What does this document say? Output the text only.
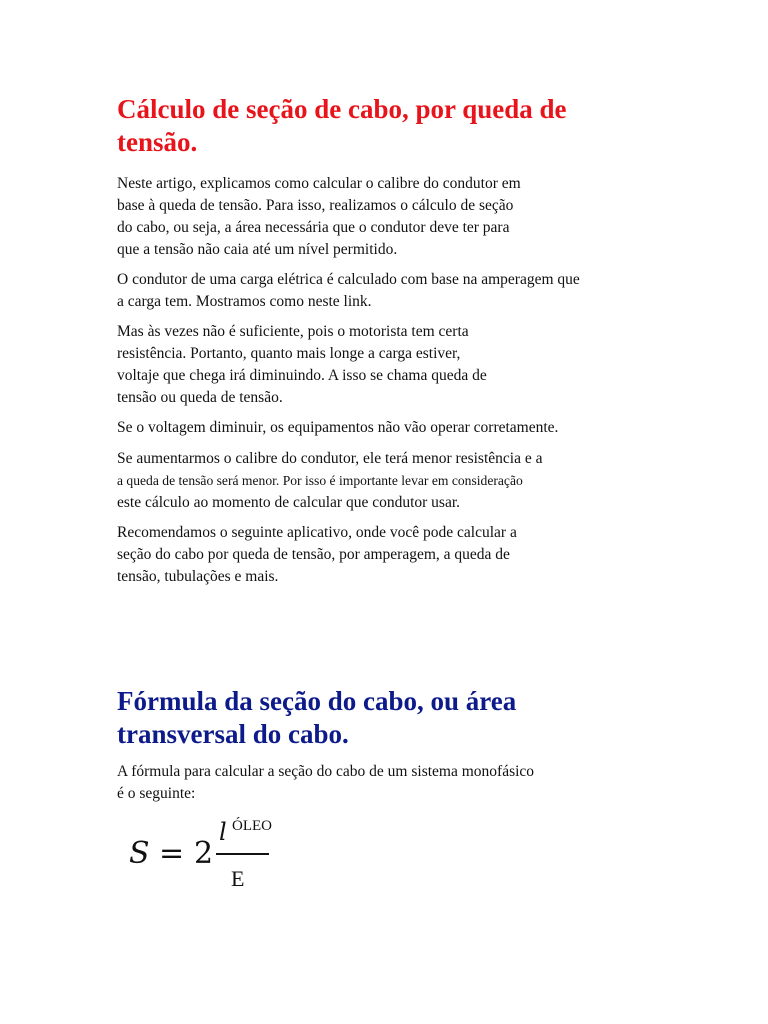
Cálculo de seção de cabo, por queda de tensão.

Neste artigo, explicamos como calcular o calibre do condutor em
base à queda de tensão. Para isso, realizamos o cálculo de seção
do cabo, ou seja, a área necessária que o condutor deve ter para
que a tensão não caia até um nível permitido.

O condutor de uma carga elétrica é calculado com base na amperagem que
a carga tem. Mostramos como neste link.

Mas às vezes não é suficiente, pois o motorista tem certa
resistência. Portanto, quanto mais longe a carga estiver,
voltaje que chega irá diminuindo. A isso se chama queda de
tensão ou queda de tensão.

Se o voltagem diminuir, os equipamentos não vão operar corretamente.

Se aumentarmos o calibre do condutor, ele terá menor resistência e a
a queda de tensão será menor. Por isso é importante levar em consideração
este cálculo ao momento de calcular que condutor usar.

Recomendamos o seguinte aplicativo, onde você pode calcular a
seção do cabo por queda de tensão, por amperagem, a queda de
tensão, tubulações e mais.

Fórmula da seção do cabo, ou área transversal do cabo.

A fórmula para calcular a seção do cabo de um sistema monofásico
é o seguinte:

S = 2
l ÓLEO
E
